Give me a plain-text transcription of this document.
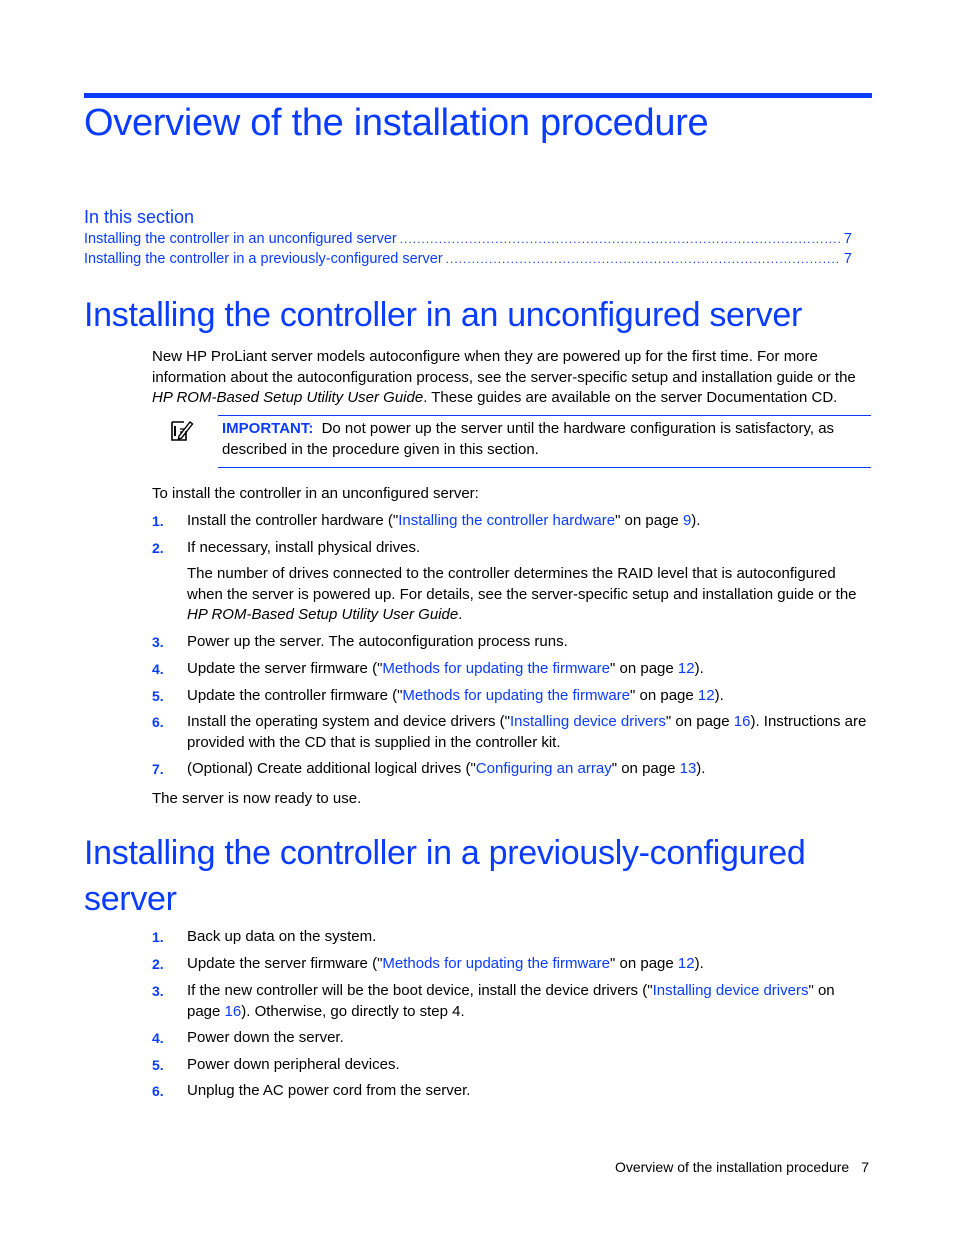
Overview of the installation procedure
In this section
Installing the controller in an unconfigured server .....	7
Installing the controller in a previously-configured server .....	7
Installing the controller in an unconfigured server

New HP ProLiant server models autoconfigure when they are powered up for the first time. For more information about the autoconfiguration process, see the server-specific setup and installation guide or the HP ROM-Based Setup Utility User Guide. These guides are available on the server Documentation CD.

IMPORTANT: Do not power up the server until the hardware configuration is satisfactory, as described in the procedure given in this section.

To install the controller in an unconfigured server:

1. Install the controller hardware ("Installing the controller hardware" on page 9).

2. If necessary, install physical drives.

The number of drives connected to the controller determines the RAID level that is autoconfigured when the server is powered up. For details, see the server-specific setup and installation guide or the HP ROM-Based Setup Utility User Guide.

3. Power up the server. The autoconfiguration process runs.

4. Update the server firmware ("Methods for updating the firmware" on page 12).

5. Update the controller firmware ("Methods for updating the firmware" on page 12).

6. Install the operating system and device drivers ("Installing device drivers" on page 16). Instructions are provided with the CD that is supplied in the controller kit.

7. (Optional) Create additional logical drives ("Configuring an array" on page 13).

The server is now ready to use.

Installing the controller in a previously-configured
server
1. Back up data on the system.

2. Update the server firmware ("Methods for updating the firmware" on page 12).

3. If the new controller will be the boot device, install the device drivers ("Installing device drivers" on page 16). Otherwise, go directly to step 4.

4. Power down the server.

5. Power down peripheral devices.

6. Unplug the AC power cord from the server.

Overview of the installation procedure 7
